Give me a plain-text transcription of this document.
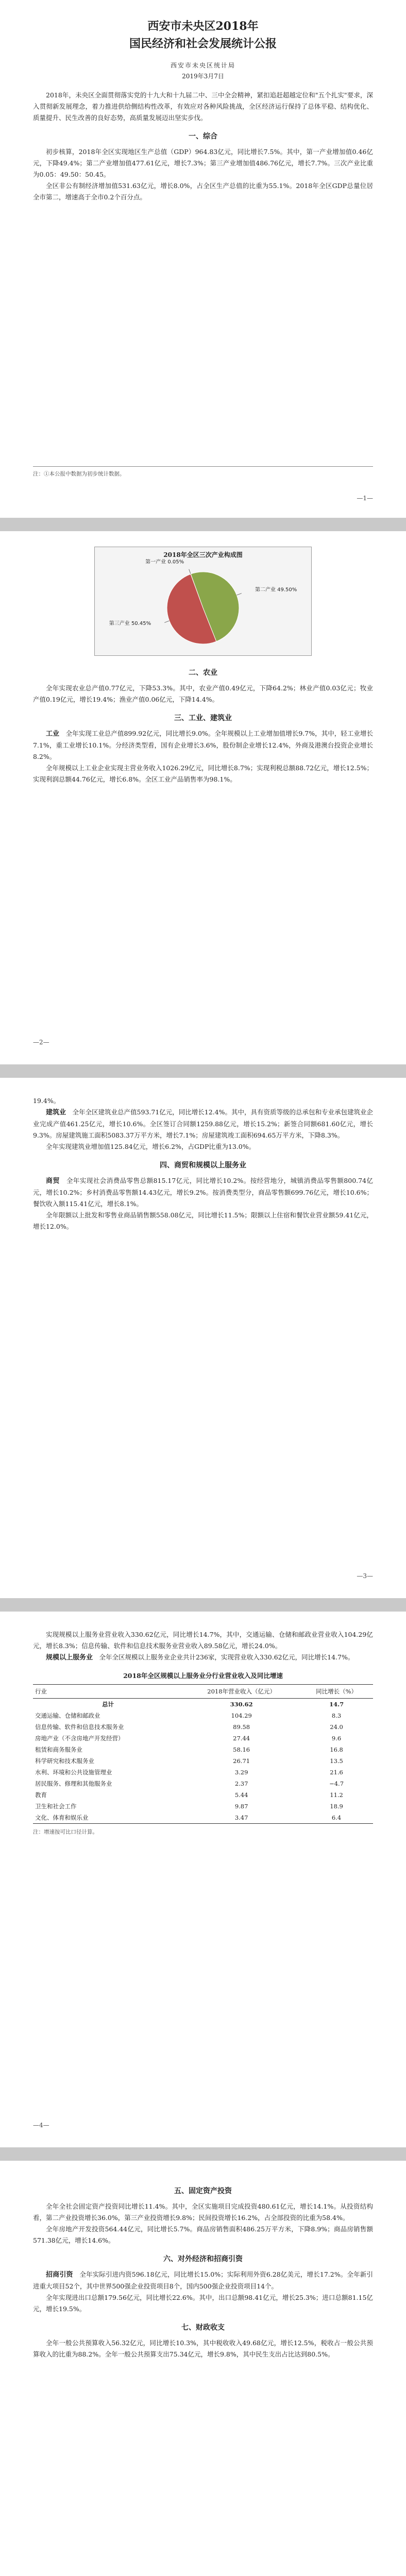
西安市未央区2018年
国民经济和社会发展统计公报
西安市未央区统计局
2019年3月7日

2018年，未央区全面贯彻落实党的十九大和十九届二中、三中全会精神，紧扣追赶超越定位和"五个扎实"要求，深入贯彻新发展理念，着力推进供给侧结构性改革，有效应对各种风险挑战，全区经济运行保持了总体平稳、结构优化、质量提升、民生改善的良好态势，高质量发展迈出坚实步伐。

一、综合

初步核算，2018年全区实现地区生产总值（GDP）964.83亿元，同比增长7.5%。其中，第一产业增加值0.46亿元，下降49.4%；第二产业增加值477.61亿元，增长7.3%；第三产业增加值486.76亿元，增长7.7%。三次产业比重为0.05：49.50：50.45。

全区非公有制经济增加值531.63亿元，增长8.0%，占全区生产总值的比重为55.1%。2018年全区GDP总量位居全市第二，增速高于全市0.2个百分点。

注：①本公报中数据为初步统计数据。
—1—
2018年全区三次产业构成图
第一产业 0.05%
第二产业 49.50%
第三产业 50.45%
二、农业

全年实现农业总产值0.77亿元，下降53.3%。其中，农业产值0.49亿元，下降64.2%；林业产值0.03亿元；牧业产值0.19亿元，增长19.4%；渔业产值0.06亿元，下降14.4%。

三、工业、建筑业

工业　 全年实现工业总产值899.92亿元，同比增长9.0%。全年规模以上工业增加值增长9.7%，其中，轻工业增长7.1%，重工业增长10.1%。分经济类型看，国有企业增长3.6%，股份制企业增长12.4%，外商及港澳台投资企业增长8.2%。

全年规模以上工业企业实现主营业务收入1026.29亿元，同比增长8.7%；实现利税总额88.72亿元，增长12.5%；实现利润总额44.76亿元，增长6.8%。全区工业产品销售率为98.1%。

—2—

19.4%。

建筑业　 全年全区建筑业总产值593.71亿元，同比增长12.4%。其中，具有资质等级的总承包和专业承包建筑业企业完成产值461.25亿元，增长10.6%。全区签订合同额1259.88亿元，增长15.2%；新签合同额681.60亿元，增长9.3%。房屋建筑施工面积5083.37万平方米，增长7.1%；房屋建筑竣工面积694.65万平方米，下降8.3%。

全年实现建筑业增加值125.84亿元，增长6.2%，占GDP比重为13.0%。

四、商贸和规模以上服务业

商贸　 全年实现社会消费品零售总额815.17亿元，同比增长10.2%。按经营地分，城镇消费品零售额800.74亿元，增长10.2%；乡村消费品零售额14.43亿元，增长9.2%。按消费类型分，商品零售额699.76亿元，增长10.6%；餐饮收入额115.41亿元，增长8.1%。

全年限额以上批发和零售业商品销售额558.08亿元，同比增长11.5%；限额以上住宿和餐饮业营业额59.41亿元，增长12.0%。

—3—

实现规模以上服务业营业收入330.62亿元，同比增长14.7%，其中，交通运输、仓储和邮政业营业收入104.29亿元，增长8.3%；信息传输、软件和信息技术服务业营业收入89.58亿元，增长24.0%。

规模以上服务业　 全年全区规模以上服务业企业共计236家，实现营业收入330.62亿元，同比增长14.7%。

2018年全区规模以上服务业分行业营业收入及同比增速
行业	2018年营业收入（亿元）	同比增长（%）
总计	330.62	14.7
交通运输、仓储和邮政业	104.29	8.3
信息传输、软件和信息技术服务业	89.58	24.0
房地产业（不含房地产开发经营）	27.44	9.6
租赁和商务服务业	58.16	16.8
科学研究和技术服务业	26.71	13.5
水利、环境和公共设施管理业	3.29	21.6
居民服务、修理和其他服务业	2.37	−4.7
教育	5.44	11.2
卫生和社会工作	9.87	18.9
文化、体育和娱乐业	3.47	6.4
注：增速按可比口径计算。
—4—
五、固定资产投资

全年全社会固定资产投资同比增长11.4%。其中，全区实施项目完成投资480.61亿元，增长14.1%。从投资结构看，第二产业投资增长36.0%，第三产业投资增长9.8%；民间投资增长16.2%，占全部投资的比重为58.4%。

全年房地产开发投资564.44亿元，同比增长5.7%。商品房销售面积486.25万平方米，下降8.9%；商品房销售额571.38亿元，增长14.6%。

六、对外经济和招商引资

招商引资　 全年实际引进内资596.18亿元，同比增长15.0%；实际利用外资6.28亿美元，增长17.2%。全年新引进重大项目52个，其中世界500强企业投资项目8个，国内500强企业投资项目14个。

全年实现进出口总额179.56亿元，同比增长22.6%。其中，出口总额98.41亿元，增长25.3%；进口总额81.15亿元，增长19.5%。

七、财政收支

全年一般公共预算收入56.32亿元，同比增长10.3%，其中税收收入49.68亿元，增长12.5%，税收占一般公共预算收入的比重为88.2%。全年一般公共预算支出75.34亿元，增长9.8%，其中民生支出占比达到80.5%。
